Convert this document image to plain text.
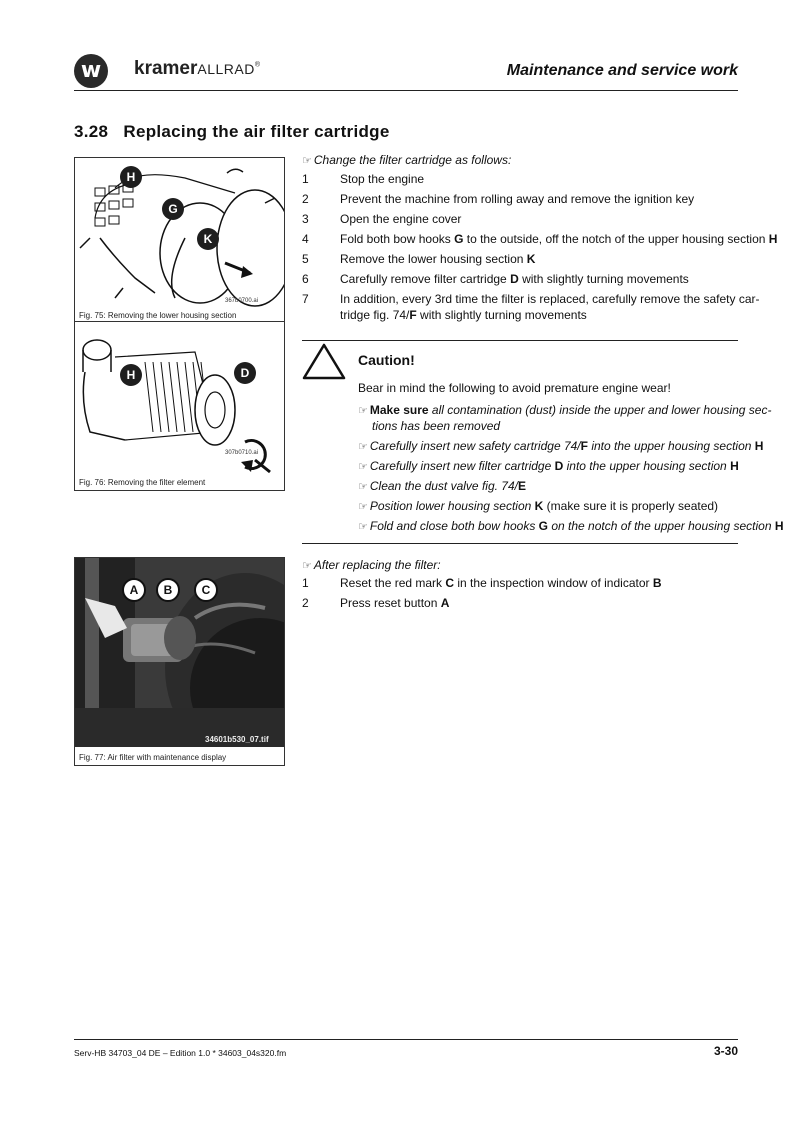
w	kramerALLRAD®	Maintenance and service work
3.28 Replacing the air filter cartridge
H
G
K
367b0700.ai
Fig. 75: Removing the lower housing section
H	D
307b0710.ai
Fig. 76: Removing the filter element
A	B	C
34601b530_07.tif
Fig. 77: Air filter with maintenance display
☞ Change the filter cartridge as follows:
1	Stop the engine
2	Prevent the machine from rolling away and remove the ignition key
3	Open the engine cover
4	Fold both bow hooks G to the outside, off the notch of the upper housing section H
5	Remove the lower housing section K
6	Carefully remove filter cartridge D with slightly turning movements
7	In addition, every 3rd time the filter is replaced, carefully remove the safety car-
tridge fig. 74/F with slightly turning movements
Caution!
Bear in mind the following to avoid premature engine wear!
☞ Make sure all contamination (dust) inside the upper and lower housing sec-
tions has been removed
☞ Carefully insert new safety cartridge 74/F into the upper housing section H
☞ Carefully insert new filter cartridge D into the upper housing section H
☞ Clean the dust valve fig. 74/E
☞ Position lower housing section K (make sure it is properly seated)
☞ Fold and close both bow hooks G on the notch of the upper housing section H
☞ After replacing the filter:
1	Reset the red mark C in the inspection window of indicator B
2	Press reset button A
Serv-HB 34703_04 DE – Edition 1.0 * 34603_04s320.fm	3-30
